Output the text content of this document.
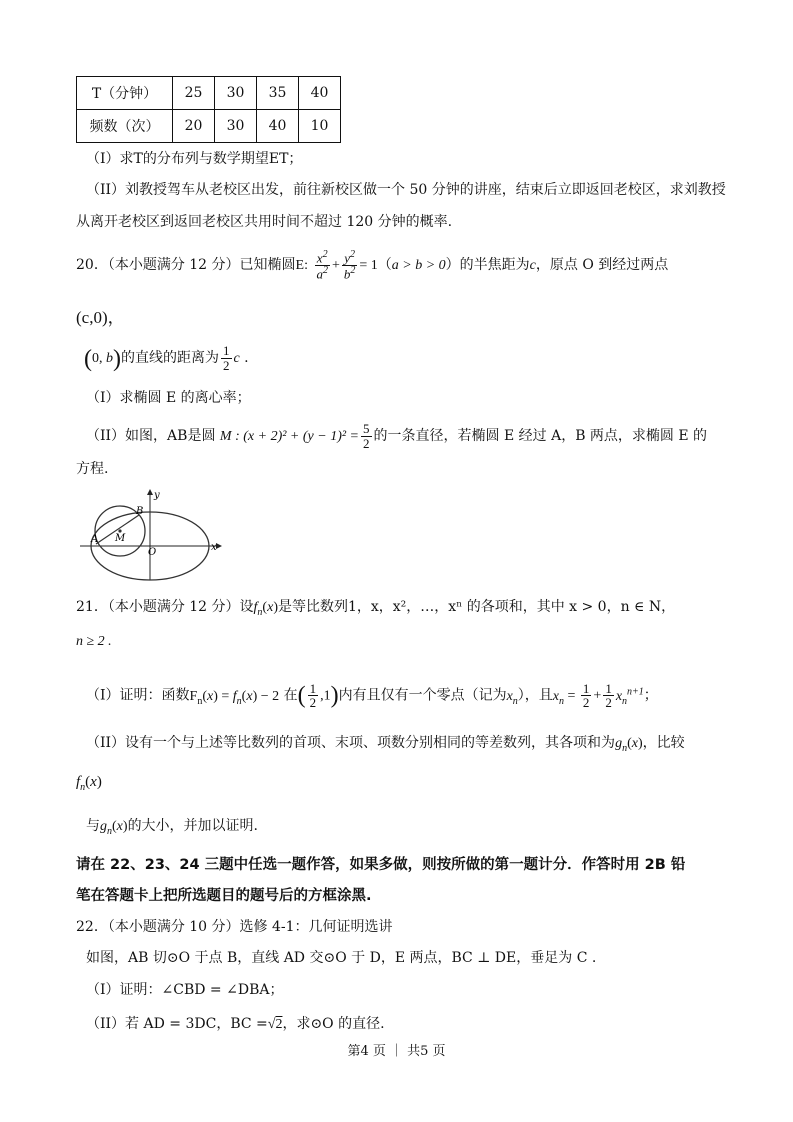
T（分钟）	25	30	35	40
频数（次）	20	30	40	10
（I）求T的分布列与数学期望ET；
（II）刘教授驾车从老校区出发，前往新校区做一个 50 分钟的讲座，结束后立即返回老校区，求刘教授
从离开老校区到返回老校区共用时间不超过 120 分钟的概率.
20．（本小题满分 12 分）已知椭圆E: $\frac{x^2}{a^2} + \frac{y^2}{b^2} = 1(a > b > 0)$的半焦距为c，原点 O 到经过两点
(c,0)，
(0, b)的直线的距离为 $\frac{1}{2}$ c .
（I）求椭圆 E 的离心率；
（II）如图，AB是圆 M : $(x + 2)^2 + (y - 1)^2 = \frac{5}{2}$ 的一条直径，若椭圆 E 经过 A，B 两点，求椭圆 E 的
方程.
A
B
M
O	x
y
21．（本小题满分 12 分）设$f_n(x)$是等比数列1，x，x²，…，xⁿ 的各项和，其中 x > 0，n ∈ N，
n ≥ 2 .
（I）证明：函数$F_n(x) = f_n(x) - 2$ 在( $\frac{1}{2} ,1$)内有且仅有一个零点（记为$x_n$），且$x_n = \frac{1}{2} + \frac{1}{2} x_n^{n+1}$；
（II）设有一个与上述等比数列的首项、末项、项数分别相同的等差数列，其各项和为$g_n(x)$，比较
$f_n(x)$
与$g_n(x)$的大小，并加以证明.
请在 22、23、24 三题中任选一题作答，如果多做，则按所做的第一题计分．作答时用 2B 铅
笔在答题卡上把所选题目的题号后的方框涂黑.
22．（本小题满分 10 分）选修 4-1：几何证明选讲
如图，AB 切⊙O 于点 B，直线 AD 交⊙O 于 D，E 两点，BC ⊥ DE，垂足为 C .
（I）证明：∠CBD = ∠DBA；
（II）若 AD = 3DC，BC =√2，求⊙O 的直径.
第4 页 ｜ 共5 页
